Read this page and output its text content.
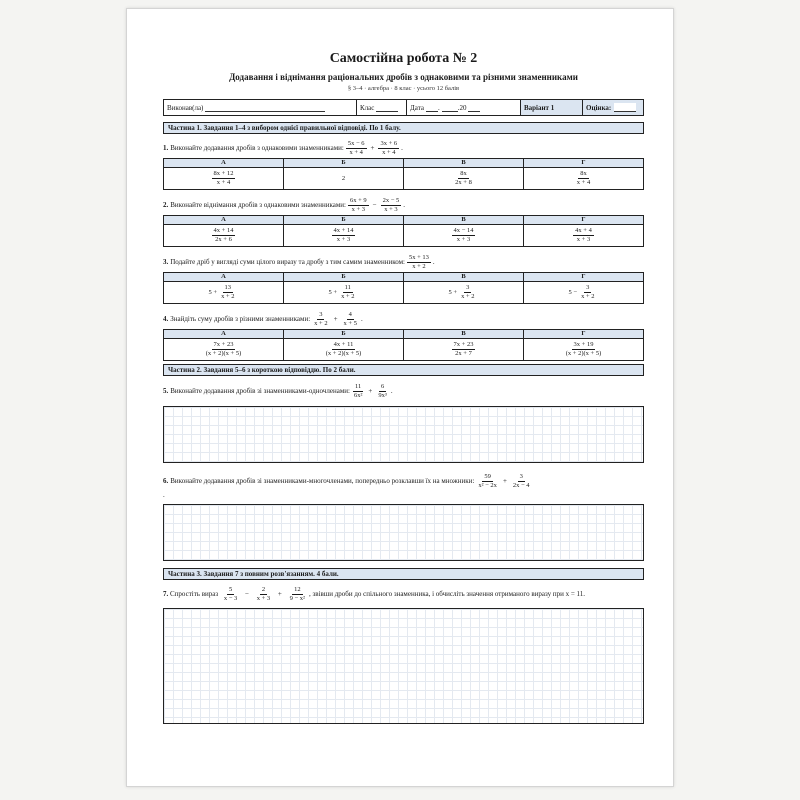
Самостійна робота № 2
Додавання і віднімання раціональних дробів з однаковими та різними знаменниками
§ 3–4 · алгебра · 8 клас · усього 12 балів
Виконав(ла)	Клас	Дата .	. 20	Варіант 1	Оцінка:
Частина 1. Завдання 1–4 з вибором однієї правильної відповіді. По 1 балу.
1. Виконайте додавання дробів з однаковими знаменниками: $\frac{5x - 6}{x + 4} + \frac{3x + 6}{x + 4}$ .
А	Б	В	Г

$\frac{8x + 12}{x + 4}$	2	$\frac{8x}{2x + 8}$	$\frac{8x}{x + 4}$
2. Виконайте віднімання дробів з однаковими знаменниками: $\frac{6x + 9}{x + 3} - \frac{2x - 5}{x + 3}$ .
А	Б	В	Г

$\frac{4x + 14}{2x + 6}$	$\frac{4x + 14}{x + 3}$	$\frac{4x - 14}{x + 3}$	$\frac{4x + 4}{x + 3}$
3. Подайте дріб у вигляді суми цілого виразу та дробу з тим самим знаменником: $\frac{5x + 13}{x + 2}$ .
А	Б	В	Г
$5 + \frac{13}{x + 2}$	$5 + \frac{11}{x + 2}$	$5 + \frac{3}{x + 2}$	$5 - \frac{3}{x + 2}$
4. Знайдіть суму дробів з різними знаменниками: $\frac{3}{x + 2} + \frac{4}{x + 5}$ .
А	Б	В	Г

$\frac{7x + 23}{(x + 2)(x + 5)}$	$\frac{4x + 11}{(x + 2)(x + 5)}$	$\frac{7x + 23}{2x + 7}$	$\frac{3x + 19}{(x + 2)(x + 5)}$
Частина 2. Завдання 5–6 з короткою відповіддю. По 2 бали.
5. Виконайте додавання дробів зі знаменниками-одночленами: $\frac{11}{\text{6x²}} + \frac{6}{\text{9x³}}$ .
6. Виконайте додавання дробів зі знаменниками-многочленами, попередньо розклавши їх на множники: $\frac{59}{\text{x² − 2x}} + \frac{3}{2x - 4}$
.
Частина 3. Завдання 7 з повним розв'язанням. 4 бали.
7. Спростіть вираз $\frac{5}{x - 3} - \frac{2}{x + 3} + \frac{12}{\text{9 − x²}}$ , звівши дроби до спільного знаменника, і обчисліть значення отриманого виразу при x = 11.
